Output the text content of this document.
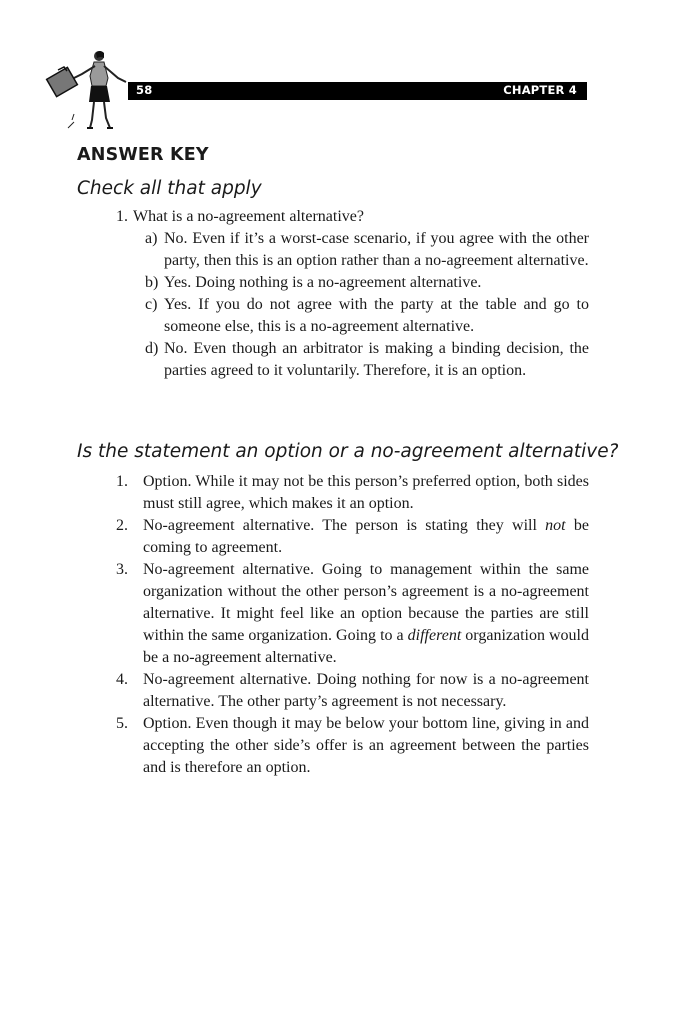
58	CHAPTER 4
ANSWER KEY
Check all that apply
1. What is a no-agreement alternative?
a) No. Even if it’s a worst-case scenario, if you agree with the other party, then this is an option rather than a no-agreement alternative.
b) Yes. Doing nothing is a no-agreement alternative.
c) Yes. If you do not agree with the party at the table and go to someone else, this is a no-agreement alternative.
d) No. Even though an arbitrator is making a binding decision, the parties agreed to it voluntarily. Therefore, it is an option.
Is the statement an option or a no-agreement alternative?
1. Option. While it may not be this person’s preferred option, both sides must still agree, which makes it an option.
2. No-agreement alternative. The person is stating they will not be coming to agreement.
3. No-agreement alternative. Going to management within the same organization without the other person’s agreement is a no-agreement alternative. It might feel like an option because the parties are still within the same organization. Going to a different organization would be a no-agreement alternative.
4. No-agreement alternative. Doing nothing for now is a no-agreement alternative. The other party’s agreement is not necessary.
5. Option. Even though it may be below your bottom line, giving in and accepting the other side’s offer is an agreement between the parties and is therefore an option.
